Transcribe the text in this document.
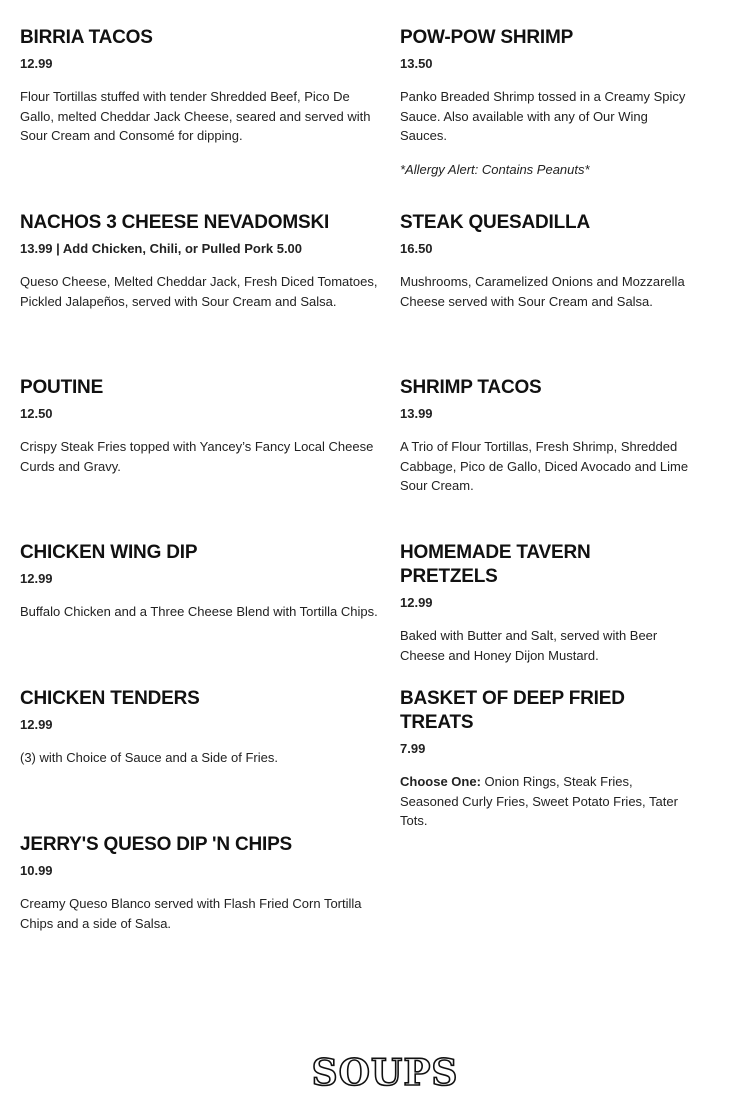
BIRRIA TACOS
12.99
Flour Tortillas stuffed with tender Shredded Beef, Pico De Gallo, melted Cheddar Jack Cheese, seared and served with Sour Cream and Consomé for dipping.
POW-POW SHRIMP
13.50
Panko Breaded Shrimp tossed in a Creamy Spicy Sauce. Also available with any of Our Wing Sauces.
*Allergy Alert: Contains Peanuts*
NACHOS 3 CHEESE NEVADOMSKI
13.99 | Add Chicken, Chili, or Pulled Pork 5.00
Queso Cheese, Melted Cheddar Jack, Fresh Diced Tomatoes, Pickled Jalapeños, served with Sour Cream and Salsa.
STEAK QUESADILLA
16.50
Mushrooms, Caramelized Onions and Mozzarella Cheese served with Sour Cream and Salsa.
POUTINE
12.50
Crispy Steak Fries topped with Yancey’s Fancy Local Cheese Curds and Gravy.
SHRIMP TACOS
13.99
A Trio of Flour Tortillas, Fresh Shrimp, Shredded Cabbage, Pico de Gallo, Diced Avocado and Lime Sour Cream.
CHICKEN WING DIP
12.99
Buffalo Chicken and a Three Cheese Blend with Tortilla Chips.
HOMEMADE TAVERN PRETZELS
12.99
Baked with Butter and Salt, served with Beer Cheese and Honey Dijon Mustard.
CHICKEN TENDERS
12.99
(3) with Choice of Sauce and a Side of Fries.
BASKET OF DEEP FRIED TREATS
7.99
Choose One: Onion Rings, Steak Fries, Seasoned Curly Fries, Sweet Potato Fries, Tater Tots.
JERRY'S QUESO DIP 'N CHIPS
10.99
Creamy Queso Blanco served with Flash Fried Corn Tortilla Chips and a side of Salsa.
SOUPS
